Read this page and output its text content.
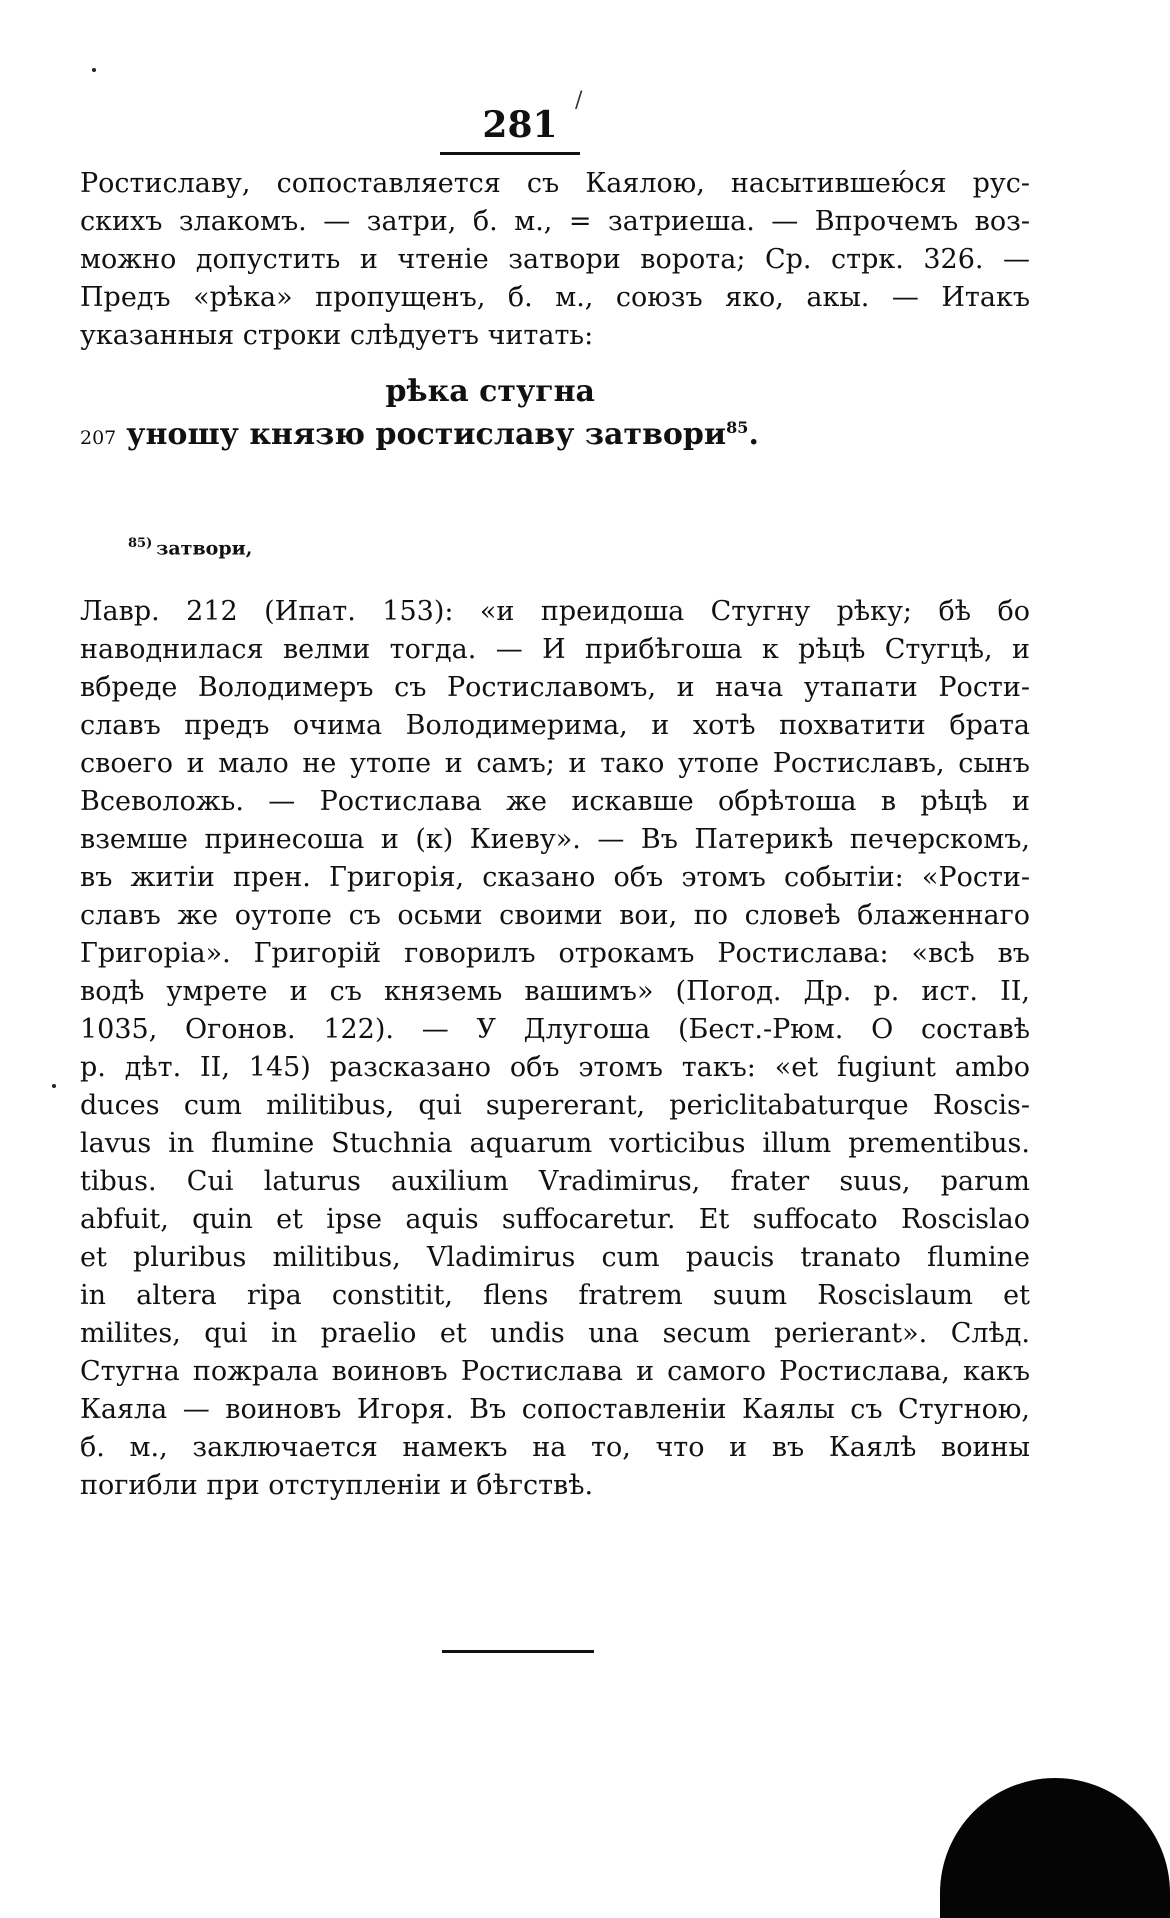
281
/
Ростиславу, сопоставляется съ Каялою, насытившею́ся рус-
скихъ злакомъ. — затри, б. м., = затриеша. — Впрочемъ воз-
можно допустить и чтеніе затвори ворота; Ср. стрк. 326. —
Предъ «рѣка» пропущенъ, б. м., союзъ яко, акы. — Итакъ
указанныя строки слѣдуетъ читать:
рѣка стугна
207 уношу князю ростиславу затвори$^{85}$.
$^{85)}$ затвори,
Лавр. 212 (Ипат. 153): «и преидоша Стугну рѣку; бѣ бо
наводнилася велми тогда. — И прибѣгоша к рѣцѣ Стугцѣ, и
вбреде Володимеръ съ Ростиславомъ, и нача утапати Рости-
славъ предъ очима Володимерима, и хотѣ похватити брата
своего и мало не утопе и самъ; и тако утопе Ростиславъ, сынъ
Всеволожь. — Ростислава же искавше обрѣтоша в рѣцѣ и
вземше принесоша и (к) Киеву». — Въ Патерикѣ печерскомъ,
въ житіи прен. Григорія, сказано объ этомъ событіи: «Рости-
славъ же оутопе съ осьми своими вои, по словеѣ блаженнаго
Григоріа». Григорій говорилъ отрокамъ Ростислава: «всѣ въ
водѣ умрете и съ княземь вашимъ» (Погод. Др. р. ист. II,
1035, Огонов. 122). — У Длугоша (Бест.-Рюм. О составѣ
р. дѣт. II, 145) разсказано объ этомъ такъ: «et fugiunt ambo
duces cum militibus, qui supererant, periclitabaturque Roscis-
lavus in flumine Stuchnia aquarum vorticibus illum prementibus.
tibus. Cui laturus auxilium Vradimirus, frater suus, parum
abfuit, quin et ipse aquis suffocaretur. Et suffocato Roscislao
et pluribus militibus, Vladimirus cum paucis tranato flumine
in altera ripa constitit, flens fratrem suum Roscislaum et
milites, qui in praelio et undis una secum perierant». Слѣд.
Стугна пожрала воиновъ Ростислава и самого Ростислава, какъ
Каяла — воиновъ Игоря. Въ сопоставленіи Каялы съ Стугною,
б. м., заключается намекъ на то, что и въ Каялѣ воины
погибли при отступленіи и бѣгствѣ.
